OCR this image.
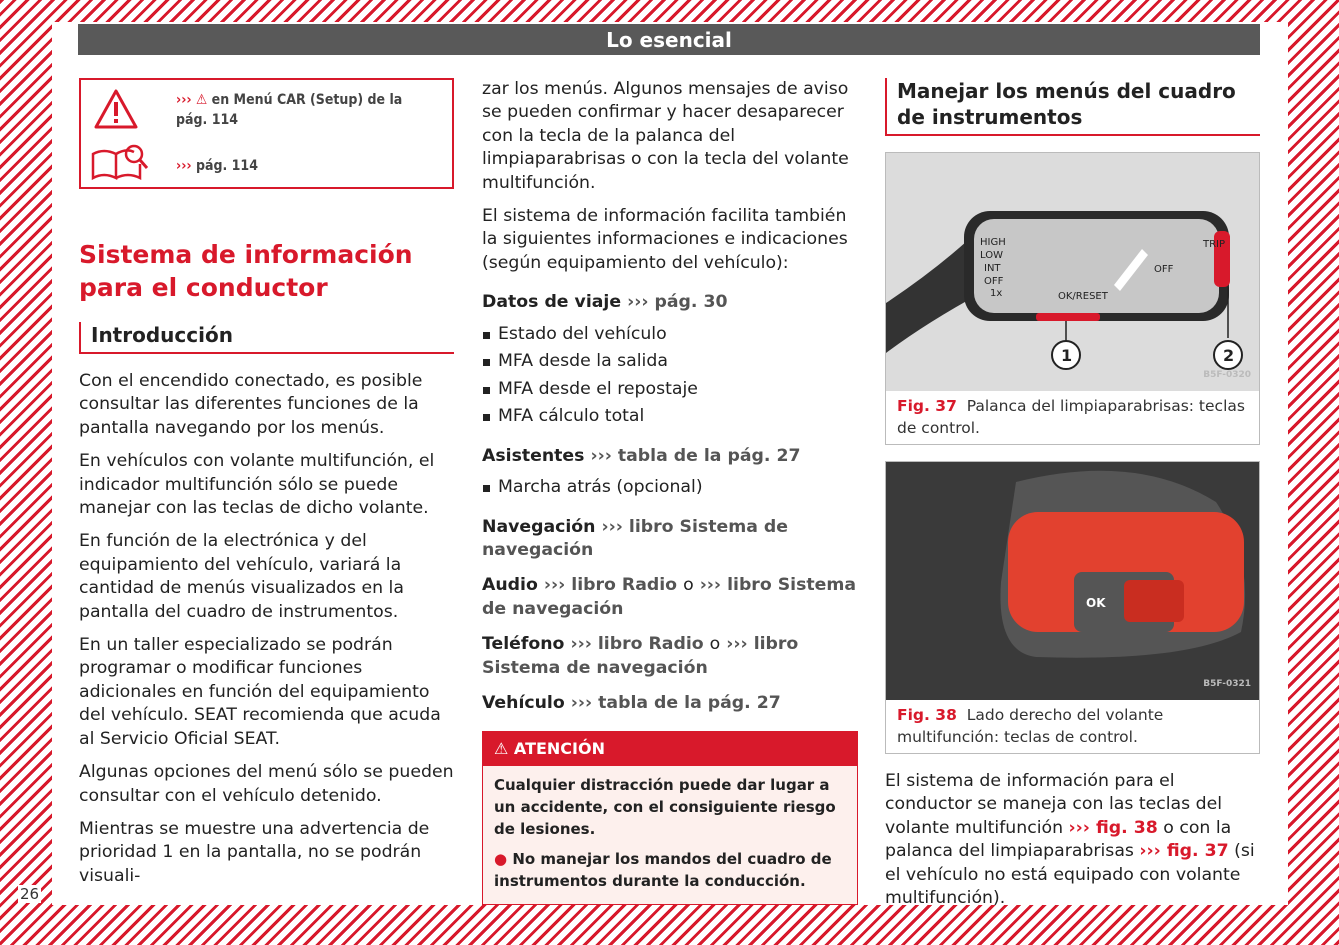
Lo esencial
26
››› ⚠ en Menú CAR (Setup) de la
pág. 114
››› pág. 114
Sistema de información para el conductor
Introducción

Con el encendido conectado, es posible consultar las diferentes funciones de la pantalla navegando por los menús.

En vehículos con volante multifunción, el indicador multifunción sólo se puede manejar con las teclas de dicho volante.

En función de la electrónica y del equipamiento del vehículo, variará la cantidad de menús visualizados en la pantalla del cuadro de instrumentos.

En un taller especializado se podrán programar o modificar funciones adicionales en función del equipamiento del vehículo. SEAT recomienda que acuda al Servicio Oficial SEAT.

Algunas opciones del menú sólo se pueden consultar con el vehículo detenido.

Mientras se muestre una advertencia de prioridad 1 en la pantalla, no se podrán visuali-

zar los menús. Algunos mensajes de aviso se pueden confirmar y hacer desaparecer con la tecla de la palanca del limpiaparabrisas o con la tecla del volante multifunción.

El sistema de información facilita también la siguientes informaciones e indicaciones (según equipamiento del vehículo):

Datos de viaje ››› pág. 30
Estado del vehículo
MFA desde la salida
MFA desde el repostaje
MFA cálculo total
Asistentes ››› tabla de la pág. 27
Marcha atrás (opcional)
Navegación ››› libro Sistema de navegación
Audio ››› libro Radio o ››› libro Sistema de navegación
Teléfono ››› libro Radio o ››› libro Sistema de navegación
Vehículo ››› tabla de la pág. 27
⚠ ATENCIÓN

Cualquier distracción puede dar lugar a un accidente, con el consiguiente riesgo de lesiones.

● No manejar los mandos del cuadro de instrumentos durante la conducción.

Manejar los menús del cuadro de instrumentos
HIGH
LOW
INT
OFF
1x	OK/RESET
OFF
TRIP
1	2
B5F-0320
Fig. 37 Palanca del limpiaparabrisas: teclas de control.
OK
B5F-0321
Fig. 38 Lado derecho del volante multifunción: teclas de control.

El sistema de información para el conductor se maneja con las teclas del volante multifunción ››› fig. 38 o con la palanca del limpiaparabrisas ››› fig. 37 (si el vehículo no está equipado con volante multifunción).
